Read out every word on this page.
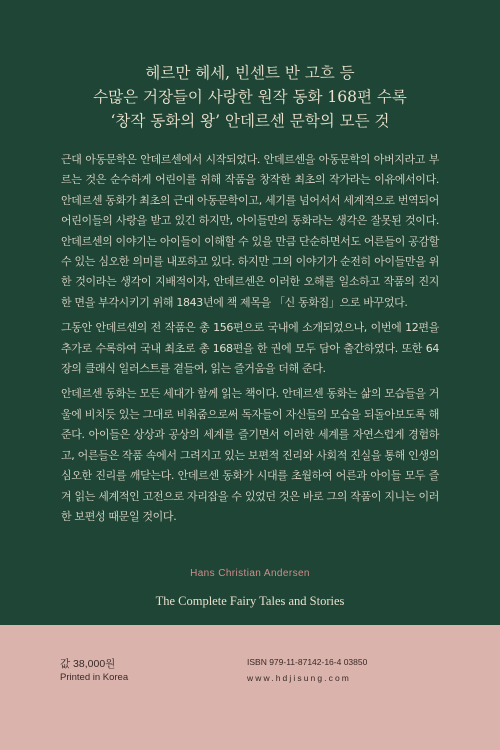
헤르만 헤세, 빈센트 반 고흐 등
수많은 거장들이 사랑한 원작 동화 168편 수록
‘창작 동화의 왕’ 안데르센 문학의 모든 것

근대 아동문학은 안데르센에서 시작되었다. 안데르센을 아동문학의 아버지라고 부르는 것은 순수하게 어린이를 위해 작품을 창작한 최초의 작가라는 이유에서이다. 안데르센 동화가 최초의 근대 아동문학이고, 세기를 넘어서서 세계적으로 번역되어 어린이들의 사랑을 받고 있긴 하지만, 아이들만의 동화라는 생각은 잘못된 것이다. 안데르센의 이야기는 아이들이 이해할 수 있을 만큼 단순하면서도 어른들이 공감할 수 있는 심오한 의미를 내포하고 있다. 하지만 그의 이야기가 순전히 아이들만을 위한 것이라는 생각이 지배적이자, 안데르센은 이러한 오해를 일소하고 작품의 진지한 면을 부각시키기 위해 1843년에 책 제목을 「신 동화집」으로 바꾸었다.

그동안 안데르센의 전 작품은 총 156편으로 국내에 소개되었으나, 이번에 12편을 추가로 수록하여 국내 최초로 총 168편을 한 권에 모두 담아 출간하였다. 또한 64장의 클래식 일러스트를 곁들여, 읽는 즐거움을 더해 준다.

안데르센 동화는 모든 세대가 함께 읽는 책이다. 안데르센 동화는 삶의 모습들을 거울에 비치듯 있는 그대로 비춰줌으로써 독자들이 자신들의 모습을 되돌아보도록 해 준다. 아이들은 상상과 공상의 세계를 즐기면서 이러한 세계를 자연스럽게 경험하고, 어른들은 작품 속에서 그려지고 있는 보편적 진리와 사회적 진실을 통해 인생의 심오한 진리를 깨닫는다. 안데르센 동화가 시대를 초월하여 어른과 아이들 모두 즐겨 읽는 세계적인 고전으로 자리잡을 수 있었던 것은 바로 그의 작품이 지니는 이러한 보편성 때문일 것이다.

Hans Christian Andersen
The Complete Fairy Tales and Stories
값 38,000원
Printed in Korea
ISBN 979-11-87142-16-4 03850
www.hdjisung.com
